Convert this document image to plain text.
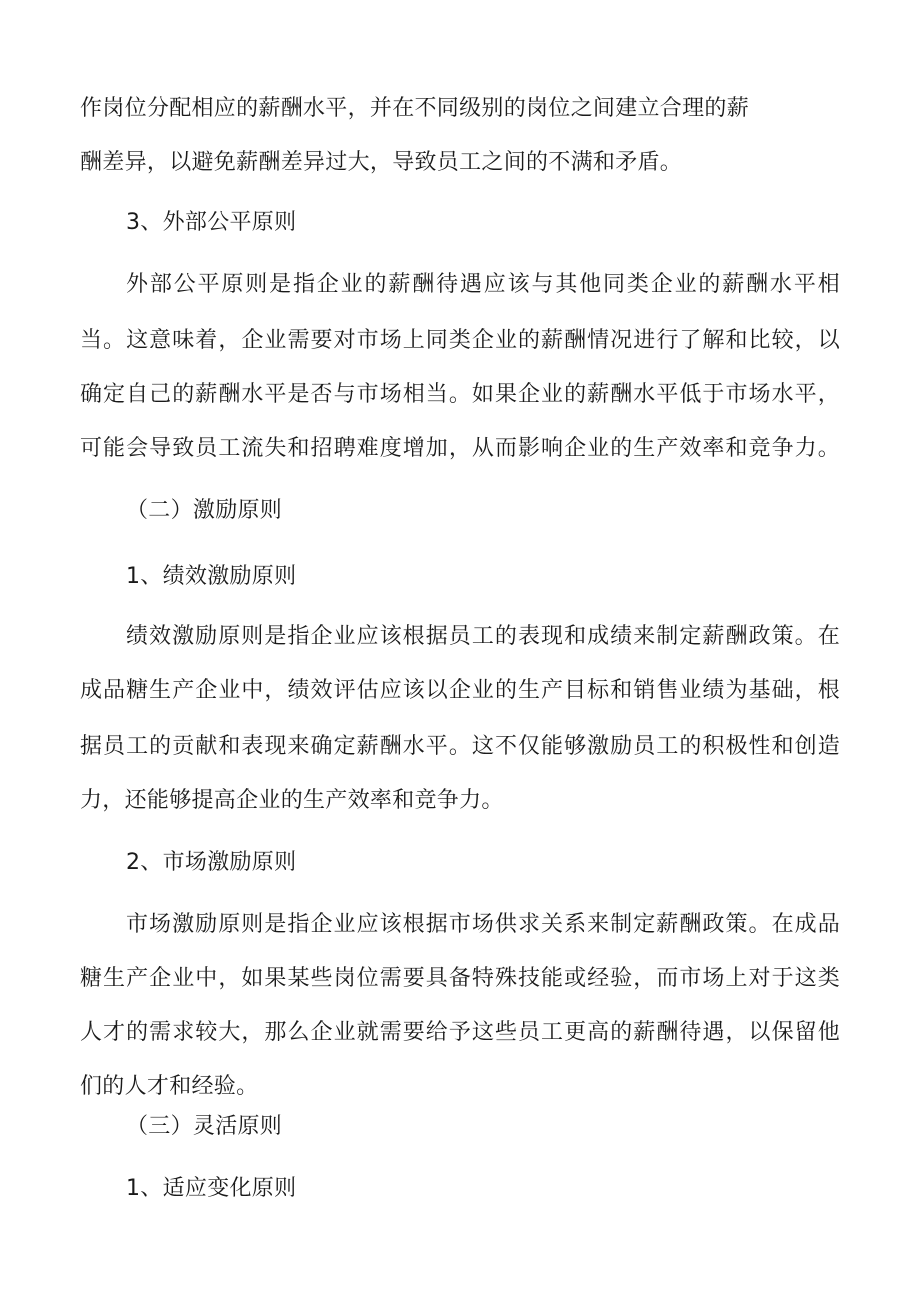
作岗位分配相应的薪酬水平，并在不同级别的岗位之间建立合理的薪
酬差异，以避免薪酬差异过大，导致员工之间的不满和矛盾。
3、外部公平原则
外部公平原则是指企业的薪酬待遇应该与其他同类企业的薪酬水平相
当。这意味着，企业需要对市场上同类企业的薪酬情况进行了解和比较，以
确定自己的薪酬水平是否与市场相当。如果企业的薪酬水平低于市场水平，
可能会导致员工流失和招聘难度增加，从而影响企业的生产效率和竞争力。
（二）激励原则
1、绩效激励原则
绩效激励原则是指企业应该根据员工的表现和成绩来制定薪酬政策。在
成品糖生产企业中，绩效评估应该以企业的生产目标和销售业绩为基础，根
据员工的贡献和表现来确定薪酬水平。这不仅能够激励员工的积极性和创造
力，还能够提高企业的生产效率和竞争力。
2、市场激励原则
市场激励原则是指企业应该根据市场供求关系来制定薪酬政策。在成品
糖生产企业中，如果某些岗位需要具备特殊技能或经验，而市场上对于这类
人才的需求较大，那么企业就需要给予这些员工更高的薪酬待遇，以保留他
们的人才和经验。
（三）灵活原则
1、适应变化原则
